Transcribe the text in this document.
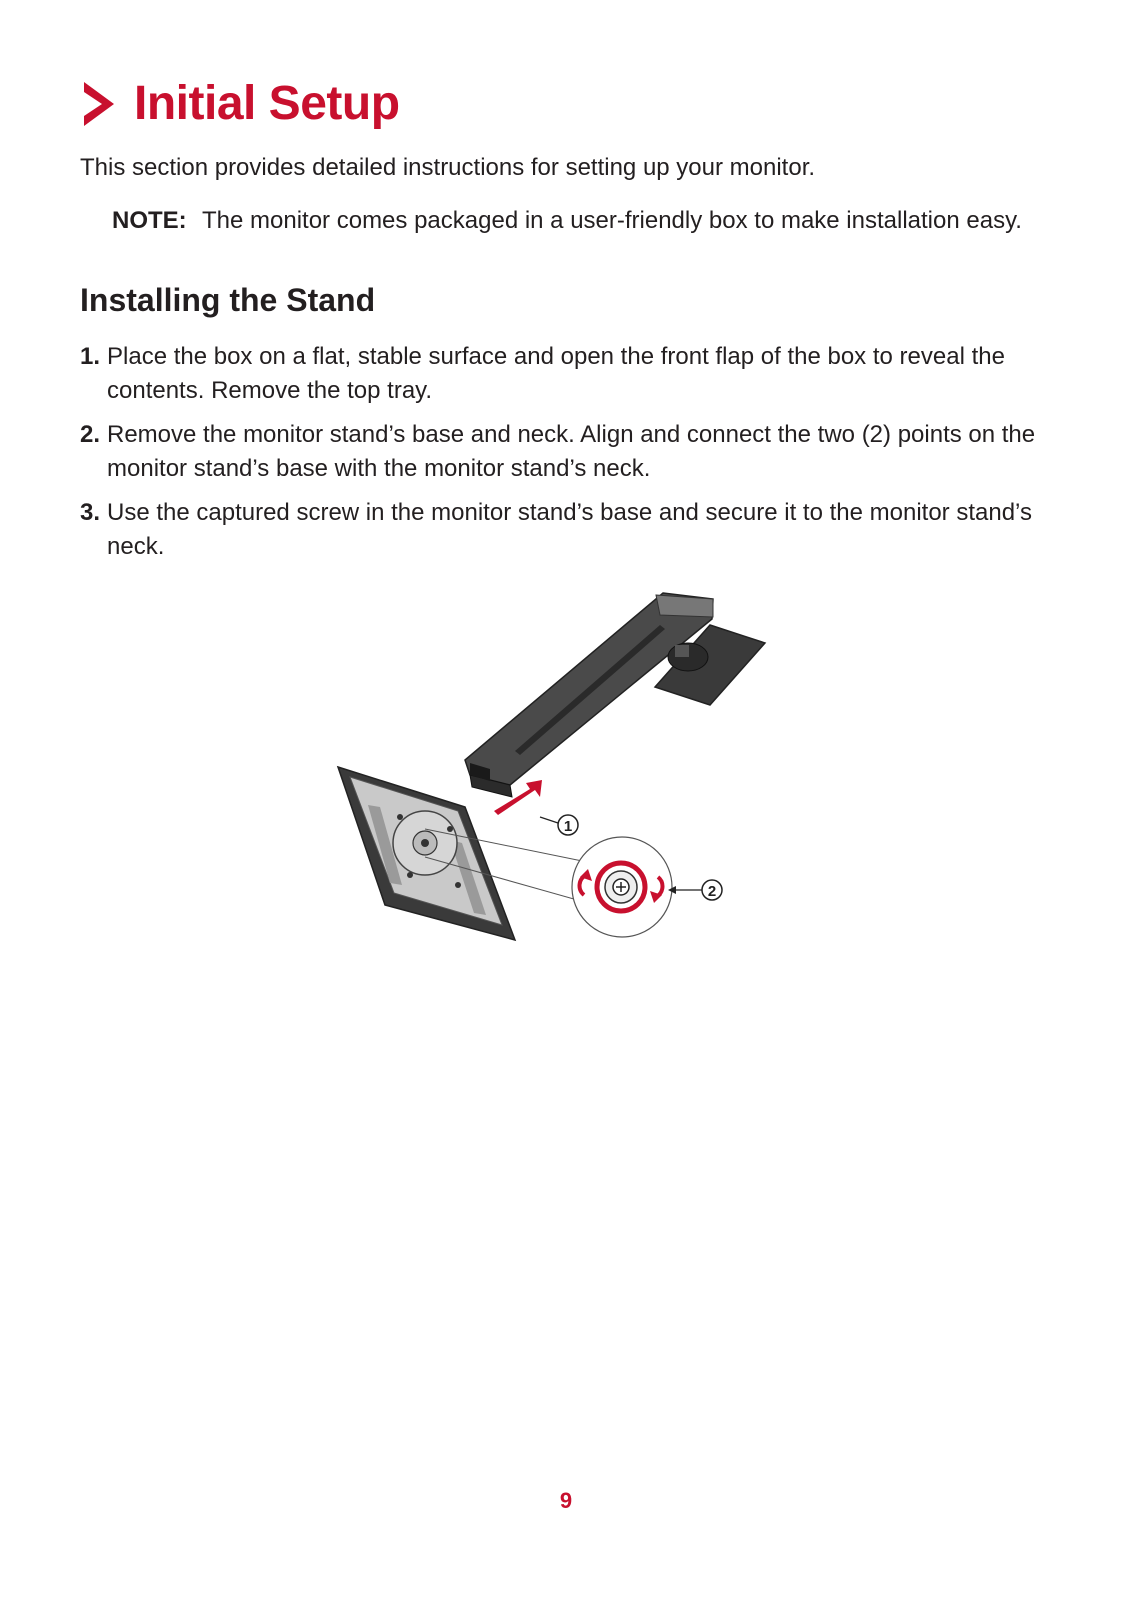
Initial Setup
This section provides detailed instructions for setting up your monitor.
NOTE: The monitor comes packaged in a user-friendly box to make installation easy.
Installing the Stand
1. Place the box on a flat, stable surface and open the front flap of the box to reveal the contents. Remove the top tray.
2. Remove the monitor stand’s base and neck. Align and connect the two (2) points on the monitor stand’s base with the monitor stand’s neck.
3. Use the captured screw in the monitor stand’s base and secure it to the monitor stand’s neck.
1
2
9
